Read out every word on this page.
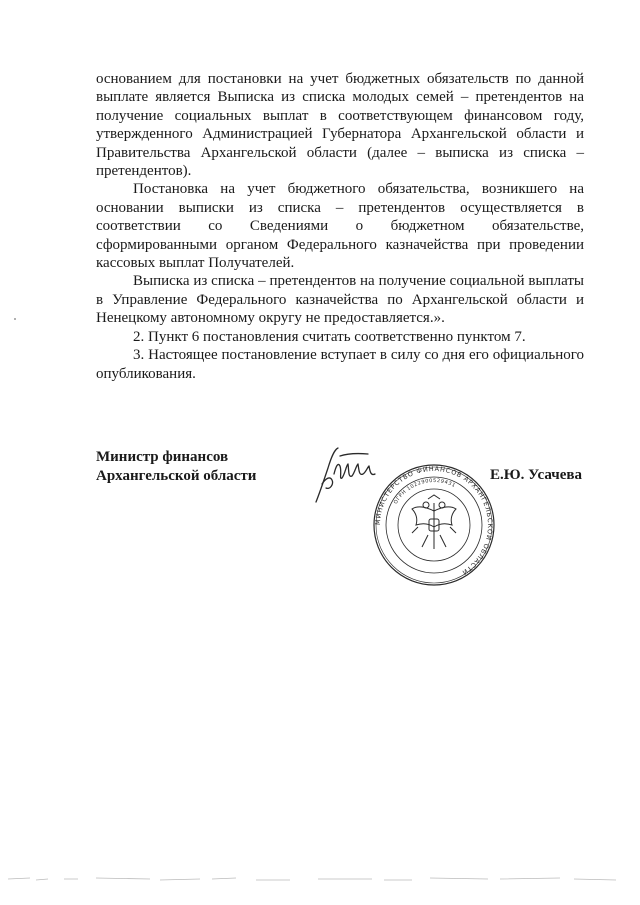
основанием для постановки на учет бюджетных обязательств по данной выплате является Выписка из списка молодых семей – претендентов на получение социальных выплат в соответствующем финансовом году, утвержденного Администрацией Губернатора Архангельской области и Правительства Архангельской области (далее – выписка из списка – претендентов).

Постановка на учет бюджетного обязательства, возникшего на основании выписки из списка – претендентов осуществляется в соответствии со Сведениями о бюджетном обязательстве, сформированными органом Федерального казначейства при проведении кассовых выплат Получателей.

Выписка из списка – претендентов на получение социальной выплаты в Управление Федерального казначейства по Архангельской области и Ненецкому автономному округу не предоставляется.».

2. Пункт 6 постановления считать соответственно пунктом 7.

3. Настоящее постановление вступает в силу со дня его официального опубликования.

Министр финансов
Архангельской области
МИНИСТЕРСТВО ФИНАНСОВ АРХАНГЕЛЬСКОЙ ОБЛАСТИ
ОГРН 1022900529431
Е.Ю. Усачева
